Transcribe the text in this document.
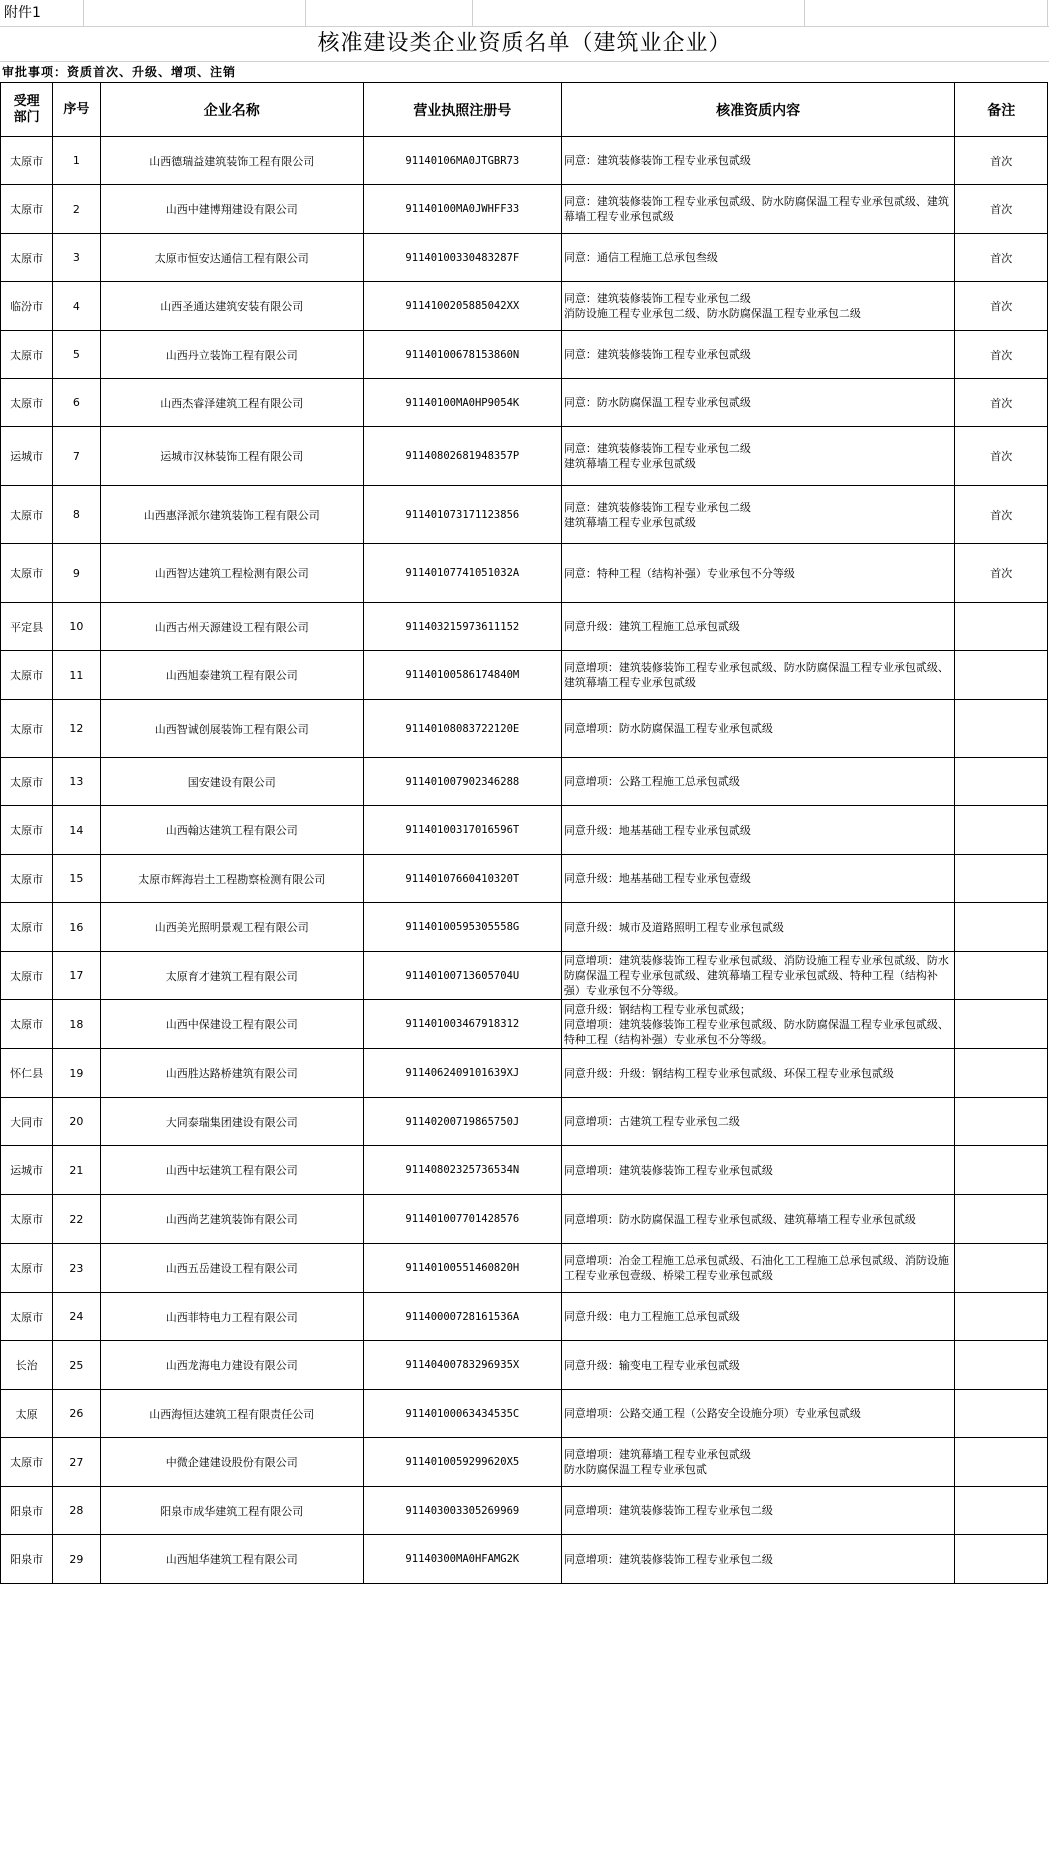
附件1
核准建设类企业资质名单（建筑业企业）
审批事项：资质首次、升级、增项、注销
受理
部门	序号	企业名称	营业执照注册号	核准资质内容	备注
太原市	1	山西德瑞益建筑装饰工程有限公司	91140106MA0JTGBR73	同意：建筑装修装饰工程专业承包贰级	首次
太原市	2	山西中建博翔建设有限公司	91140100MA0JWHFF33	同意：建筑装修装饰工程专业承包贰级、防水防腐保温工程专业承包贰级、建筑幕墙工程专业承包贰级	首次
太原市	3	太原市恒安达通信工程有限公司	91140100330483287F	同意：通信工程施工总承包叁级	首次
临汾市	4	山西圣通达建筑安装有限公司	91141002058850​42XX	同意：建筑装修装饰工程专业承包二级
消防设施工程专业承包二级、防水防腐保温工程专业承包二级	首次
太原市	5	山西丹立装饰工程有限公司	91140100678153860N	同意：建筑装修装饰工程专业承包贰级	首次
太原市	6	山西杰睿泽建筑工程有限公司	91140100MA0HP9054K	同意：防水防腐保温工程专业承包贰级	首次
运城市	7	运城市汉林装饰工程有限公司	9114080268194835​7P	同意：建筑装修装饰工程专业承包二级
建筑幕墙工程专业承包贰级	首次
太原市	8	山西惠泽派尔建筑装饰工程有限公司	91140107317112385​6	同意：建筑装修装饰工程专业承包二级
建筑幕墙工程专业承包贰级	首次
太原市	9	山西智达建筑工程检测有限公司	91140107741051032A	同意：特种工程（结构补强）专业承包不分等级	首次
平定县	10	山西古州天源建设工程有限公司	91140321597361115​2	同意升级：建筑工程施工总承包贰级	
太原市	11	山西旭泰建筑工程有限公司	91140100586174840M	同意增项：建筑装修装饰工程专业承包贰级、防水防腐保温工程专业承包贰级、建筑幕墙工程专业承包贰级	
太原市	12	山西智诚创展装饰工程有限公司	91140108083722120E	同意增项：防水防腐保温工程专业承包贰级	
太原市	13	国安建设有限公司	91140100790234628​8	同意增项：公路工程施工总承包贰级	
太原市	14	山西翰达建筑工程有限公司	91140100317016596T	同意升级：地基基础工程专业承包贰级	
太原市	15	太原市辉海岩土工程勘察检测有限公司	91140107660410320T	同意升级：地基基础工程专业承包壹级	
太原市	16	山西美光照明景观工程有限公司	91140100595305558G	同意升级：城市及道路照明工程专业承包贰级	
太原市	17	太原育才建筑工程有限公司	91140100713605704U	同意增项：建筑装修装饰工程专业承包贰级、消防设施工程专业承包贰级、防水防腐保温工程专业承包贰级、建筑幕墙工程专业承包贰级、特种工程（结构补强）专业承包不分等级。	
太原市	18	山西中保建设工程有限公司	91140100346791831​2	同意升级：钢结构工程专业承包贰级；
同意增项：建筑装修装饰工程专业承包贰级、防水防腐保温工程专业承包贰级、特种工程（结构补强）专业承包不分等级。	
怀仁县	19	山西胜达路桥建筑有限公司	91140624091016​39XJ	同意升级：升级：钢结构工程专业承包贰级、环保工程专业承包贰级	
大同市	20	大同泰瑞集团建设有限公司	91140200719865750J	同意增项：古建筑工程专业承包二级	
运城市	21	山西中坛建筑工程有限公司	91140802325736534N	同意增项：建筑装修装饰工程专业承包贰级	
太原市	22	山西尚艺建筑装饰有限公司	91140100770142857​6	同意增项：防水防腐保温工程专业承包贰级、建筑幕墙工程专业承包贰级	
太原市	23	山西五岳建设工程有限公司	91140100551460820H	同意增项：冶金工程施工总承包贰级、石油化工工程施工总承包贰级、消防设施工程专业承包壹级、桥梁工程专业承包贰级	
太原市	24	山西菲特电力工程有限公司	91140000728161536A	同意升级：电力工程施工总承包贰级	
长治	25	山西龙海电力建设有限公司	91140400783296935X	同意升级：输变电工程专业承包贰级	
太原	26	山西海恒达建筑工程有限责任公司	91140100063434535C	同意增项：公路交通工程（公路安全设施分项）专业承包贰级	
太原市	27	中微企建建设股份有限公司	91140100592996​20X5	同意增项：建筑幕墙工程专业承包贰级
防水防腐保温工程专业承包贰	
阳泉市	28	阳泉市成华建筑工程有限公司	91140300330526996​9	同意增项：建筑装修装饰工程专业承包二级	
阳泉市	29	山西旭华建筑工程有限公司	91140300MA0HFAMG2K	同意增项：建筑装修装饰工程专业承包二级	
